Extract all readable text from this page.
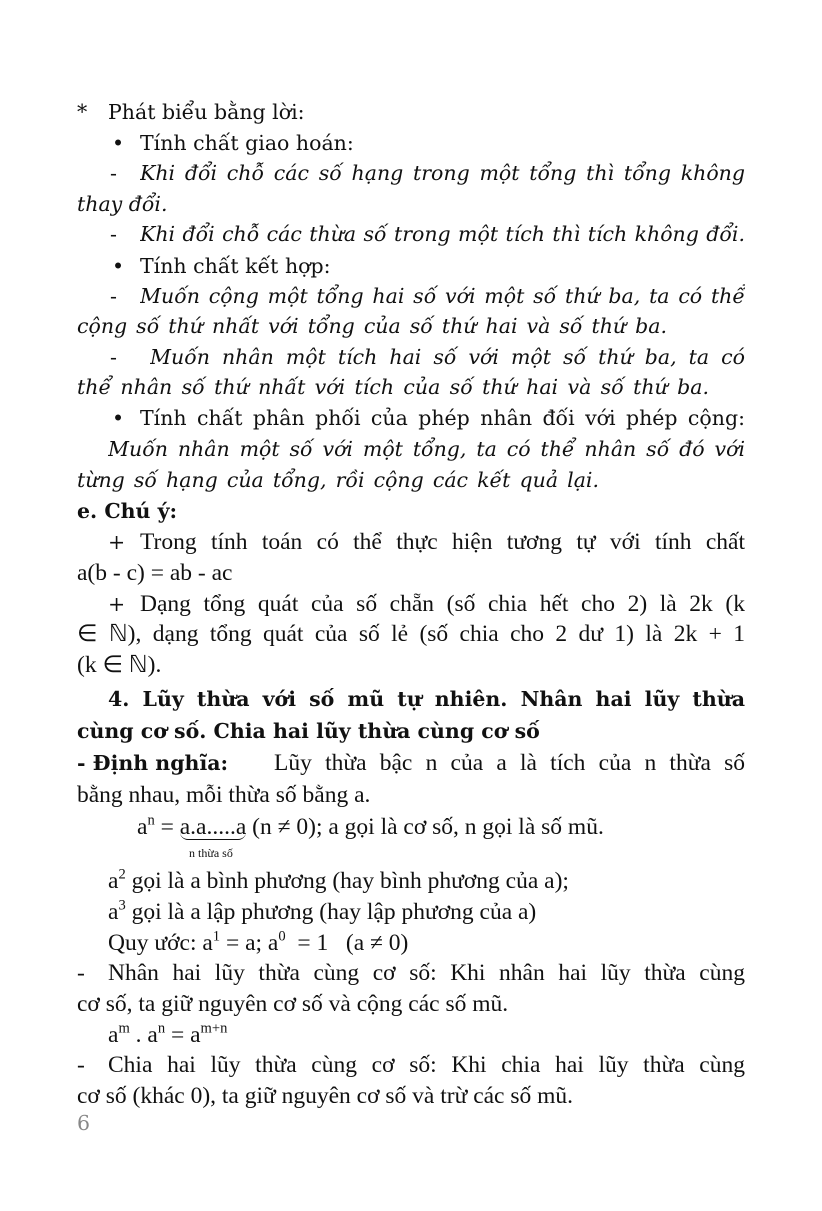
* Phát biểu bằng lời:
• Tính chất giao hoán:
- Khi đổi chỗ các số hạng trong một tổng thì tổng không
thay đổi.
- Khi đổi chỗ các thừa số trong một tích thì tích không đổi.
• Tính chất kết hợp:
- Muốn cộng một tổng hai số với một số thứ ba, ta có thể
cộng số thứ nhất với tổng của số thứ hai và số thứ ba.
- Muốn nhân một tích hai số với một số thứ ba, ta có
thể nhân số thứ nhất với tích của số thứ hai và số thứ ba.
• Tính chất phân phối của phép nhân đối với phép cộng:
Muốn nhân một số với một tổng, ta có thể nhân số đó với
từng số hạng của tổng, rồi cộng các kết quả lại.
e. Chú ý:
+ Trong tính toán có thể thực hiện tương tự với tính chất
a(b - c) = ab - ac
+ Dạng tổng quát của số chẵn (số chia hết cho 2) là 2k (k
∈ ℕ), dạng tổng quát của số lẻ (số chia cho 2 dư 1) là 2k + 1
(k ∈ ℕ).
4. Lũy thừa với số mũ tự nhiên. Nhân hai lũy thừa
cùng cơ số. Chia hai lũy thừa cùng cơ số
- Định nghĩa: Lũy thừa bậc n của a là tích của n thừa số
bằng nhau, mỗi thừa số bằng a.
$a^n = a.a.....a$ (n ≠ 0); a gọi là cơ số, n gọi là số mũ.
n thừa số
$a^2$ gọi là a bình phương (hay bình phương của a);
$a^3$ gọi là a lập phương (hay lập phương của a)
Quy ước: $a^1 = a$; $a^0 = 1$   (a ≠ 0)
- Nhân hai lũy thừa cùng cơ số: Khi nhân hai lũy thừa cùng
cơ số, ta giữ nguyên cơ số và cộng các số mũ.
$a^m$ . $a^n = a^{m+n}$
- Chia hai lũy thừa cùng cơ số: Khi chia hai lũy thừa cùng
cơ số (khác 0), ta giữ nguyên cơ số và trừ các số mũ.
6
